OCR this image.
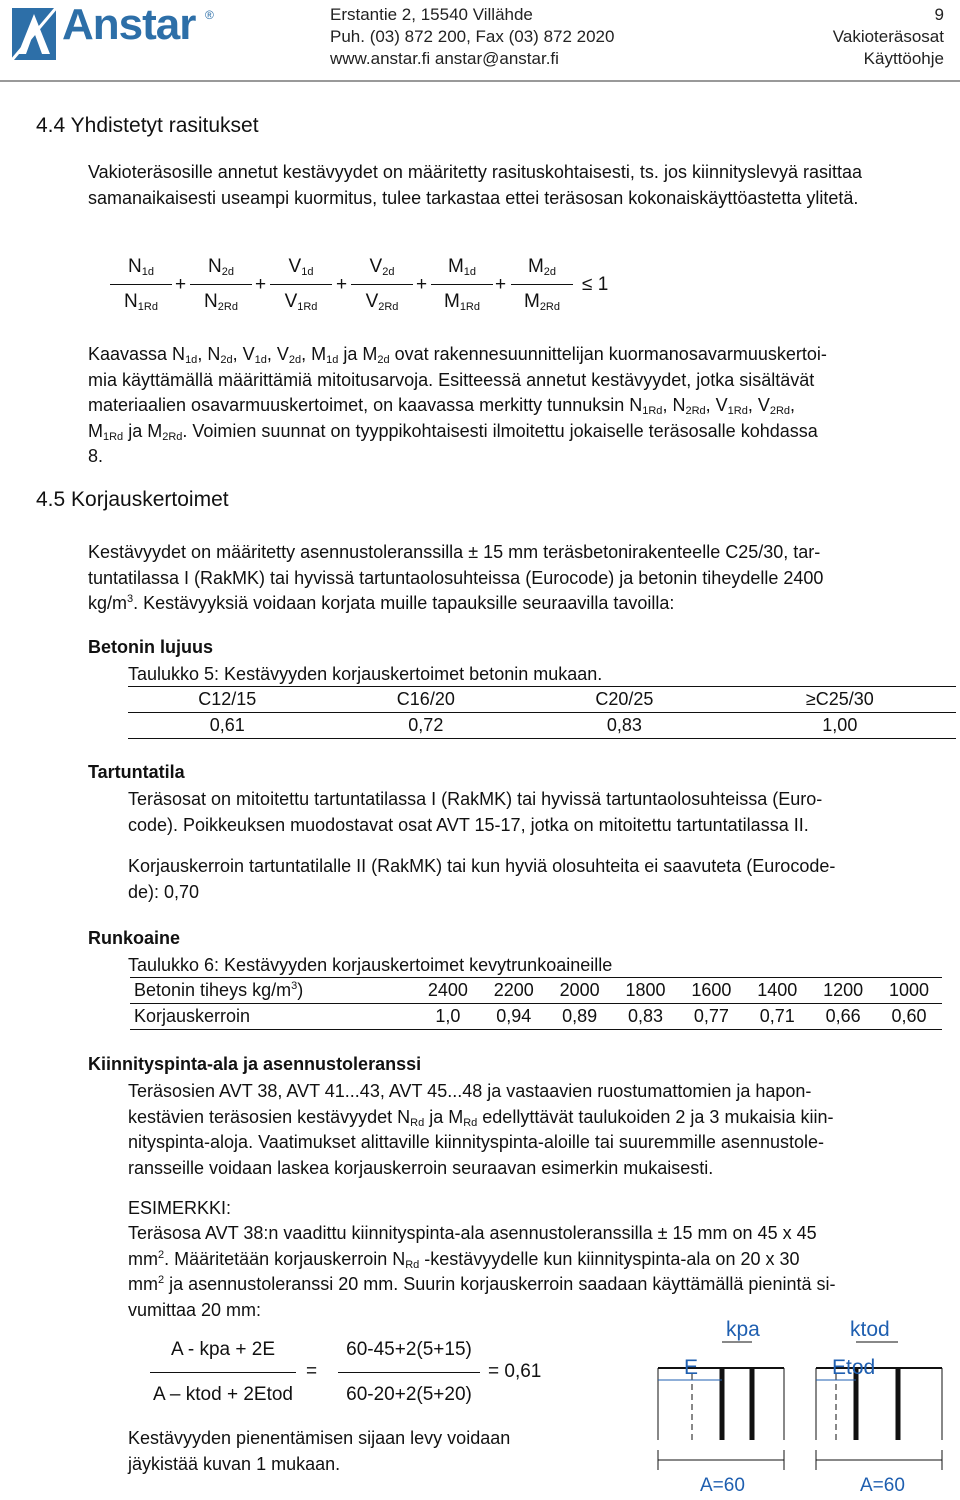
Anstar ®	Erstantie 2, 15540 Villähde
Puh. (03) 872 200, Fax (03) 872 2020
www.anstar.fi anstar@anstar.fi
9
Vakioteräsosat
Käyttöohje
4.4 Yhdistetyt rasitukset
Vakioteräsosille annetut kestävyydet on määritetty rasituskohtaisesti, ts. jos kiinnityslevyä rasittaa samanaikaisesti useampi kuormitus, tulee tarkastaa ettei teräsosan kokonaiskäyttöastetta ylitetä.
$N_{1d}$
$N_{1Rd}$
+
$N_{2d}$
$N_{2Rd}$
+
$V_{1d}$
$V_{1Rd}$
+
$V_{2d}$
$V_{2Rd}$
+
$M_{1d}$
$M_{1Rd}$
+
$M_{2d}$
$M_{2Rd}$
≤ 1
Kaavassa $N_{1d}$, $N_{2d}$, $V_{1d}$, $V_{2d}$, $M_{1d}$ ja $M_{2d}$ ovat rakennesuunnittelijan kuormanosavarmuuskertoi-
mia käyttämällä määrittämiä mitoitusarvoja. Esitteessä annetut kestävyydet, jotka sisältävät
materiaalien osavarmuuskertoimet, on kaavassa merkitty tunnuksin $N_{1Rd}$, $N_{2Rd}$, $V_{1Rd}$, $V_{2Rd}$,
$M_{1Rd}$ ja $M_{2Rd}$. Voimien suunnat on tyyppikohtaisesti ilmoitettu jokaiselle teräsosalle kohdassa
8.
4.5 Korjauskertoimet
Kestävyydet on määritetty asennustoleranssilla ± 15 mm teräsbetonirakenteelle C25/30, tar-
tuntatilassa I (RakMK) tai hyvissä tartuntaolosuhteissa (Eurocode) ja betonin tiheydelle 2400
$kg/m^3$. Kestävyyksiä voidaan korjata muille tapauksille seuraavilla tavoilla:
Betonin lujuus
Taulukko 5: Kestävyyden korjauskertoimet betonin mukaan.
C12/15	C16/20	C20/25	≥C25/30
0,61	0,72	0,83	1,00
Tartuntatila
Teräsosat on mitoitettu tartuntatilassa I (RakMK) tai hyvissä tartuntaolosuhteissa (Euro-
code). Poikkeuksen muodostavat osat AVT 15-17, jotka on mitoitettu tartuntatilassa II.
Korjauskerroin tartuntatilalle II (RakMK) tai kun hyviä olosuhteita ei saavuteta (Eurocode-
de): 0,70
Runkoaine
Taulukko 6: Kestävyyden korjauskertoimet kevytrunkoaineille
Betonin tiheys $kg/m^3$)	2400	2200	2000	1800	1600	1400	1200	1000
Korjauskerroin	1,0	0,94	0,89	0,83	0,77	0,71	0,66	0,60
Kiinnityspinta-ala ja asennustoleranssi
Teräsosien AVT 38, AVT 41...43, AVT 45...48 ja vastaavien ruostumattomien ja hapon-
kestävien teräsosien kestävyydet $N_{Rd}$ ja $M_{Rd}$ edellyttävät taulukoiden 2 ja 3 mukaisia kiin-
nityspinta-aloja. Vaatimukset alittaville kiinnityspinta-aloille tai suuremmille asennustole-
ransseille voidaan laskea korjauskerroin seuraavan esimerkin mukaisesti.
ESIMERKKI:
Teräsosa AVT 38:n vaadittu kiinnityspinta-ala asennustoleranssilla ± 15 mm on 45 x 45
$mm^2$. Määritetään korjauskerroin $N_{Rd}$ -kestävyydelle kun kiinnityspinta-ala on 20 x 30
$mm^2$ ja asennustoleranssi 20 mm. Suurin korjauskerroin saadaan käyttämällä pienintä si-
vumittaa 20 mm:
A - kpa + 2E
A – ktod + 2Etod
=
60-45+2(5+15)
60-20+2(5+20)
= 0,61
Kestävyyden pienentämisen sijaan levy voidaan
jäykistää kuvan 1 mukaan.
kpa	ktod
E	Etod
A=60	A=60
